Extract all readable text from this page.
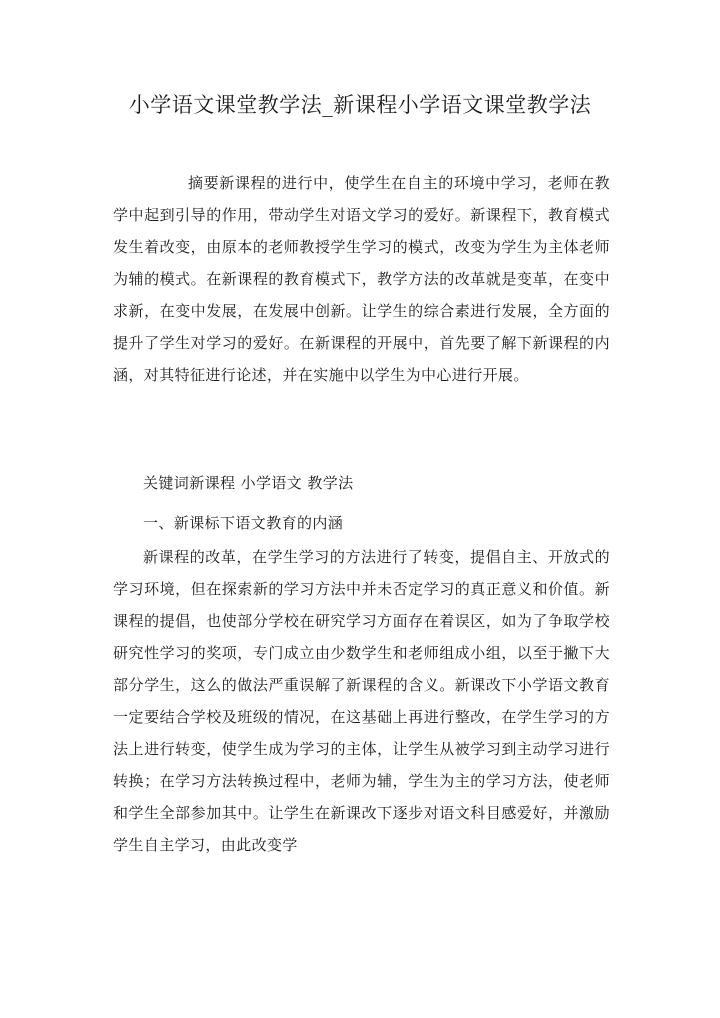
小学语文课堂教学法_新课程小学语文课堂教学法
摘要新课程的进行中，使学生在自主的环境中学习，老师在教学中起到引导的作用，带动学生对语文学习的爱好。新课程下，教育模式发生着改变，由原本的老师教授学生学习的模式，改变为学生为主体老师为辅的模式。在新课程的教育模式下，教学方法的改革就是变革，在变中求新，在变中发展，在发展中创新。让学生的综合素进行发展，全方面的提升了学生对学习的爱好。在新课程的开展中，首先要了解下新课程的内涵，对其特征进行论述，并在实施中以学生为中心进行开展。
关键词新课程 小学语文 教学法
一、新课标下语文教育的内涵
新课程的改革，在学生学习的方法进行了转变，提倡自主、开放式的学习环境，但在探索新的学习方法中并未否定学习的真正意义和价值。新课程的提倡，也使部分学校在研究学习方面存在着误区，如为了争取学校研究性学习的奖项，专门成立由少数学生和老师组成小组，以至于撇下大部分学生，这么的做法严重误解了新课程的含义。新课改下小学语文教育一定要结合学校及班级的情况，在这基础上再进行整改，在学生学习的方法上进行转变，使学生成为学习的主体，让学生从被学习到主动学习进行转换；在学习方法转换过程中，老师为辅，学生为主的学习方法，使老师和学生全部参加其中。让学生在新课改下逐步对语文科目感爱好，并激励学生自主学习，由此改变学
